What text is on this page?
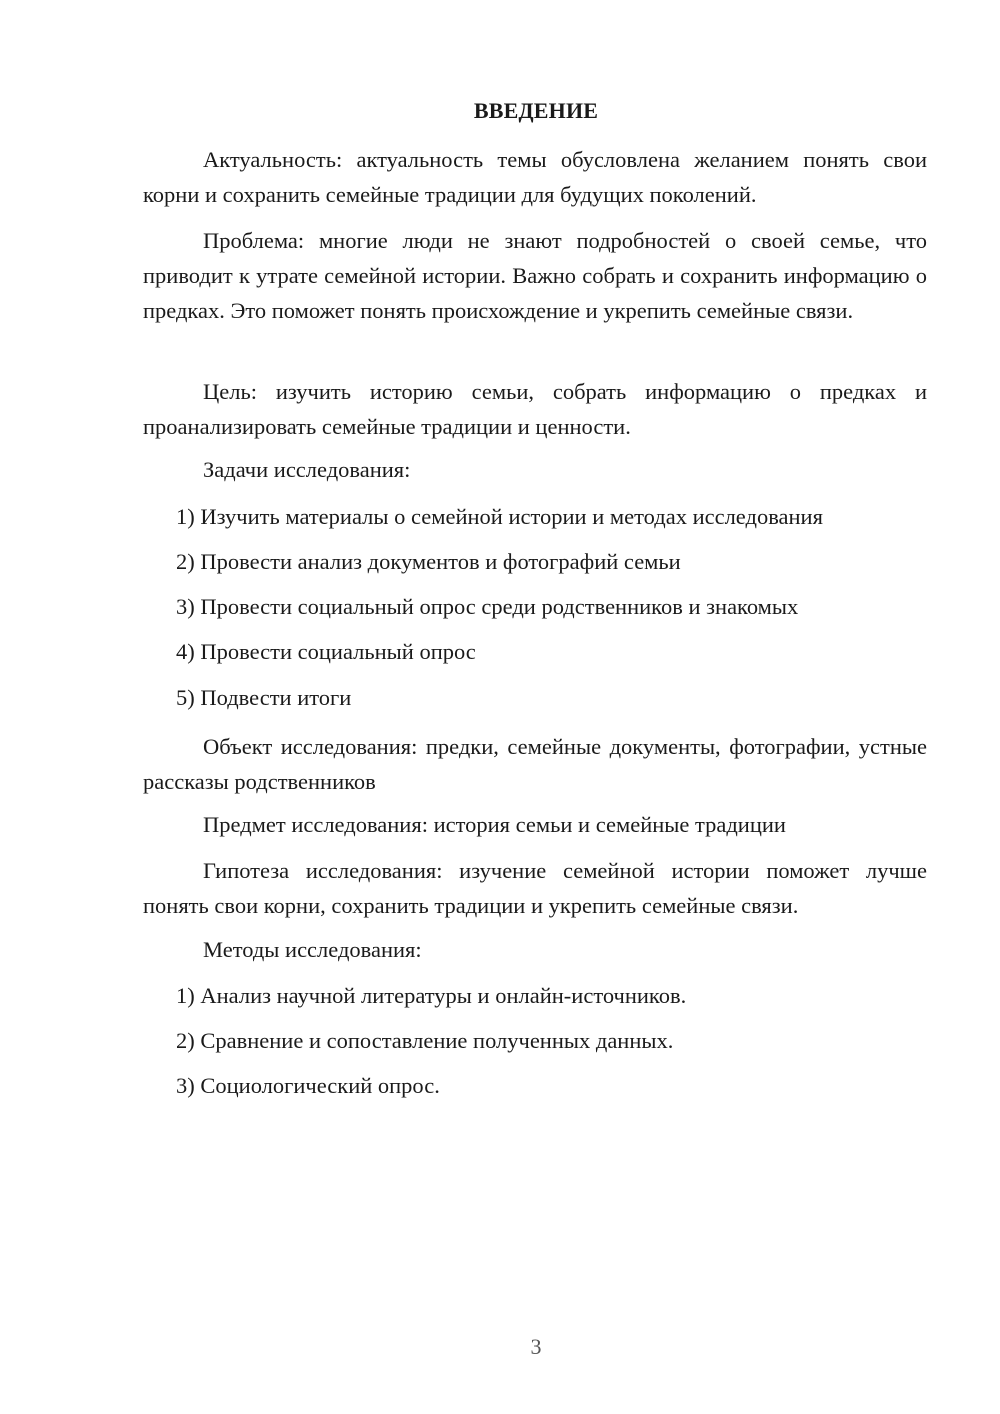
ВВЕДЕНИЕ

Актуальность: актуальность темы обусловлена желанием понять свои корни и сохранить семейные традиции для будущих поколений.

Проблема: многие люди не знают подробностей о своей семье, что приводит к утрате семейной истории. Важно собрать и сохранить информацию о предках. Это поможет понять происхождение и укрепить семейные связи.

Цель: изучить историю семьи, собрать информацию о предках и проанализировать семейные традиции и ценности.

Задачи исследования:
1) Изучить материалы о семейной истории и методах исследования
2) Провести анализ документов и фотографий семьи
3) Провести социальный опрос среди родственников и знакомых
4) Провести социальный опрос
5) Подвести итоги

Объект исследования: предки, семейные документы, фотографии, устные рассказы родственников

Предмет исследования: история семьи и семейные традиции

Гипотеза исследования: изучение семейной истории поможет лучше понять свои корни, сохранить традиции и укрепить семейные связи.

Методы исследования:
1) Анализ научной литературы и онлайн-источников.
2) Сравнение и сопоставление полученных данных.
3) Социологический опрос.
3
